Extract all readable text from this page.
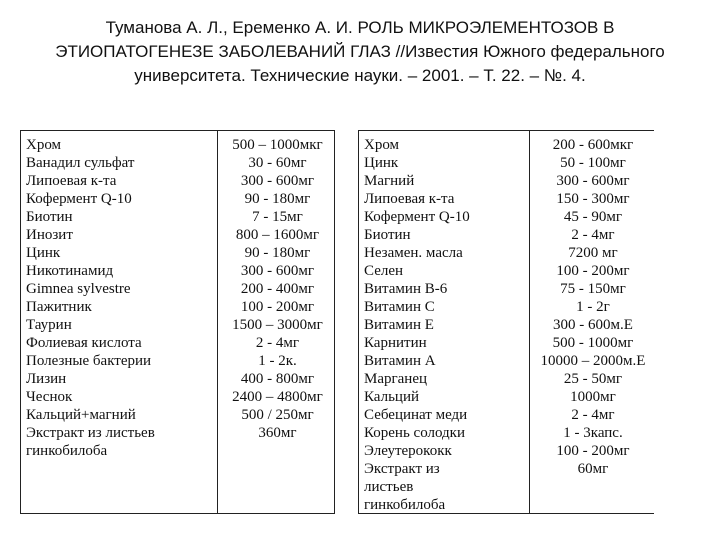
Туманова А. Л., Еременко А. И. РОЛЬ МИКРОЭЛЕМЕНТОЗОВ В
ЭТИОПАТОГЕНЕЗЕ ЗАБОЛЕВАНИЙ ГЛАЗ //Известия Южного федерального
университета. Технические науки. – 2001. – Т. 22. – №. 4.
Хром	500 – 1000мкг
Ванадил сульфат	30 - 60мг
Липоевая к-та	300 - 600мг
Кофермент Q-10	90 - 180мг
Биотин	7 - 15мг
Инозит	800 – 1600мг
Цинк	90 - 180мг
Никотинамид	300 - 600мг
Gimnea sylvestre	200 - 400мг
Пажитник	100 - 200мг
Таурин	1500 – 3000мг
Фолиевая кислота	2 - 4мг
Полезные бактерии	1 - 2к.
Лизин	400 - 800мг
Чеснок	2400 – 4800мг
Кальций+магний	500 / 250мг
Экстракт из листьев	360мг
гинкобилоба
Хром	200 - 600мкг
Цинк	50 - 100мг
Магний	300 - 600мг
Липоевая к-та	150 - 300мг
Кофермент Q-10	45 - 90мг
Биотин	2 - 4мг
Незамен. масла	7200 мг
Селен	100 - 200мг
Витамин В-6	75 - 150мг
Витамин С	1 - 2г
Витамин Е	300 - 600м.Е
Карнитин	500 - 1000мг
Витамин А	10000 – 2000м.Е
Марганец	25 - 50мг
Кальций	1000мг
Себецинат меди	2 - 4мг
Корень солодки	1 - 3капс.
Элеутерококк	100 - 200мг
Экстракт из	60мг
листьев
гинкобилоба
